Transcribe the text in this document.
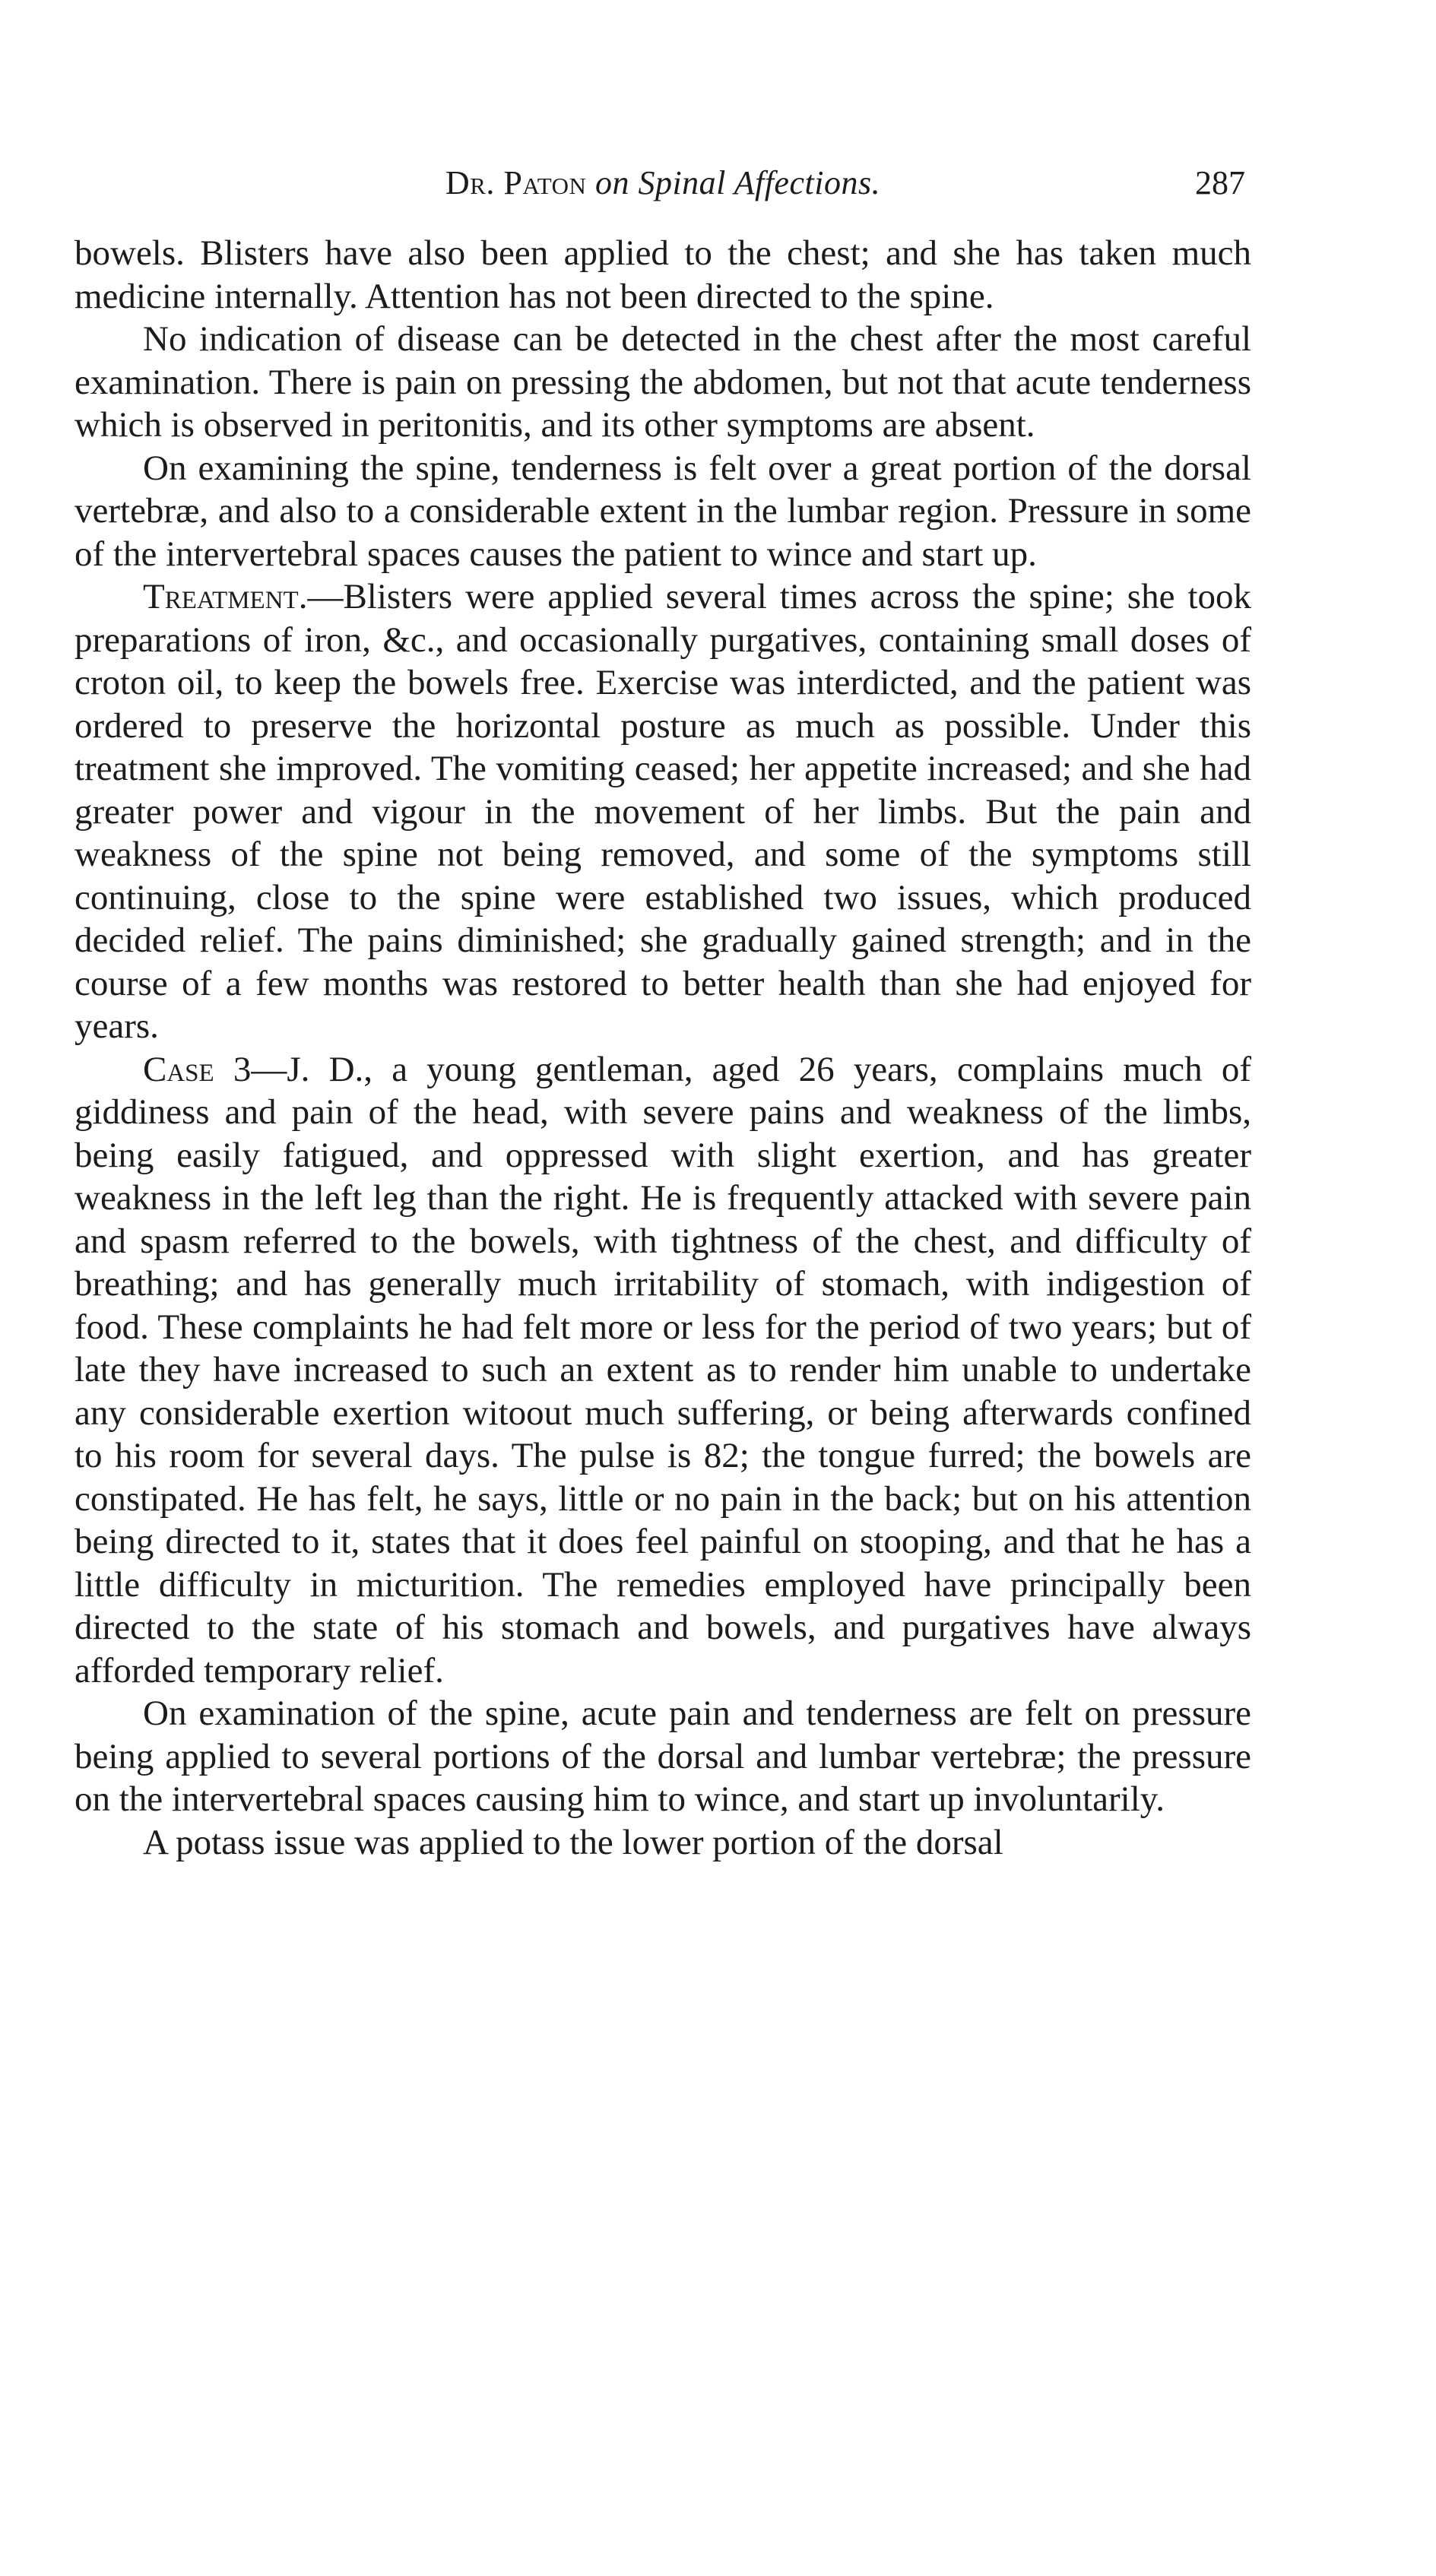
Dr. Paton on Spinal Affections.	287

bowels. Blisters have also been applied to the chest; and she has taken much medicine internally. Attention has not been directed to the spine.

No indication of disease can be detected in the chest after the most careful examination. There is pain on pressing the abdomen, but not that acute tenderness which is observed in peritonitis, and its other symptoms are absent.

On examining the spine, tenderness is felt over a great portion of the dorsal vertebræ, and also to a considerable extent in the lumbar region. Pressure in some of the intervertebral spaces causes the patient to wince and start up.

Treatment.—Blisters were applied several times across the spine; she took preparations of iron, &c., and occasionally purgatives, containing small doses of croton oil, to keep the bowels free. Exercise was interdicted, and the patient was ordered to preserve the horizontal posture as much as possible. Under this treatment she improved. The vomiting ceased; her appetite increased; and she had greater power and vigour in the movement of her limbs. But the pain and weakness of the spine not being removed, and some of the symptoms still continuing, close to the spine were established two issues, which produced decided relief. The pains diminished; she gradually gained strength; and in the course of a few months was restored to better health than she had enjoyed for years.

Case 3—J. D., a young gentleman, aged 26 years, complains much of giddiness and pain of the head, with severe pains and weakness of the limbs, being easily fatigued, and oppressed with slight exertion, and has greater weakness in the left leg than the right. He is frequently attacked with severe pain and spasm referred to the bowels, with tightness of the chest, and difficulty of breathing; and has generally much irritability of stomach, with indigestion of food. These complaints he had felt more or less for the period of two years; but of late they have increased to such an extent as to render him unable to undertake any considerable exertion witoout much suffering, or being afterwards confined to his room for several days. The pulse is 82; the tongue furred; the bowels are constipated. He has felt, he says, little or no pain in the back; but on his attention being directed to it, states that it does feel painful on stooping, and that he has a little difficulty in micturition. The remedies employed have principally been directed to the state of his stomach and bowels, and purgatives have always afforded temporary relief.

On examination of the spine, acute pain and tenderness are felt on pressure being applied to several portions of the dorsal and lumbar vertebræ; the pressure on the intervertebral spaces causing him to wince, and start up involuntarily.

A potass issue was applied to the lower portion of the dorsal
